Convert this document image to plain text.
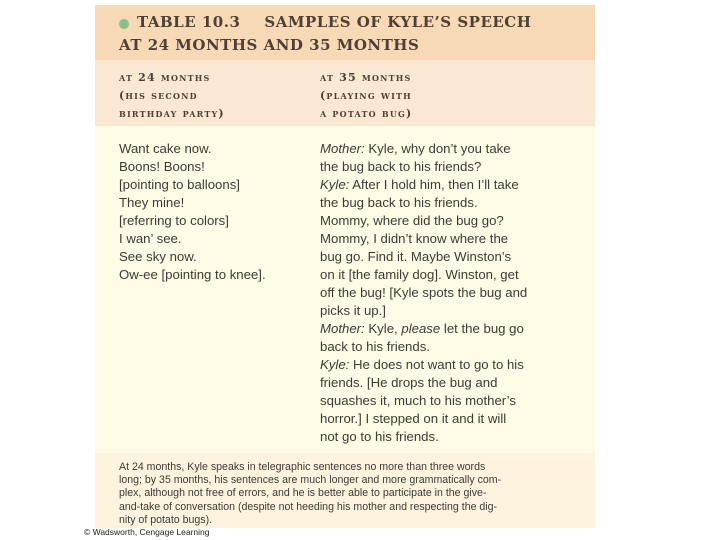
TABLE 10.3 SAMPLES OF KYLE’S SPEECH
AT 24 MONTHS AND 35 MONTHS
at 24 months
(his second
birthday party)
at 35 months
(playing with
a potato bug)
Want cake now.
Boons! Boons!
[pointing to balloons]
They mine!
[referring to colors]
I wan’ see.
See sky now.
Ow-ee [pointing to knee].
Mother: Kyle, why don’t you take
the bug back to his friends?
Kyle: After I hold him, then I’ll take
the bug back to his friends.
Mommy, where did the bug go?
Mommy, I didn’t know where the
bug go. Find it. Maybe Winston’s
on it [the family dog]. Winston, get
off the bug! [Kyle spots the bug and
picks it up.]
Mother: Kyle, please let the bug go
back to his friends.
Kyle: He does not want to go to his
friends. [He drops the bug and
squashes it, much to his mother’s
horror.] I stepped on it and it will
not go to his friends.
At 24 months, Kyle speaks in telegraphic sentences no more than three words
long; by 35 months, his sentences are much longer and more grammatically com-
plex, although not free of errors, and he is better able to participate in the give-
and-take of conversation (despite not heeding his mother and respecting the dig-
nity of potato bugs).
© Wadsworth, Cengage Learning
